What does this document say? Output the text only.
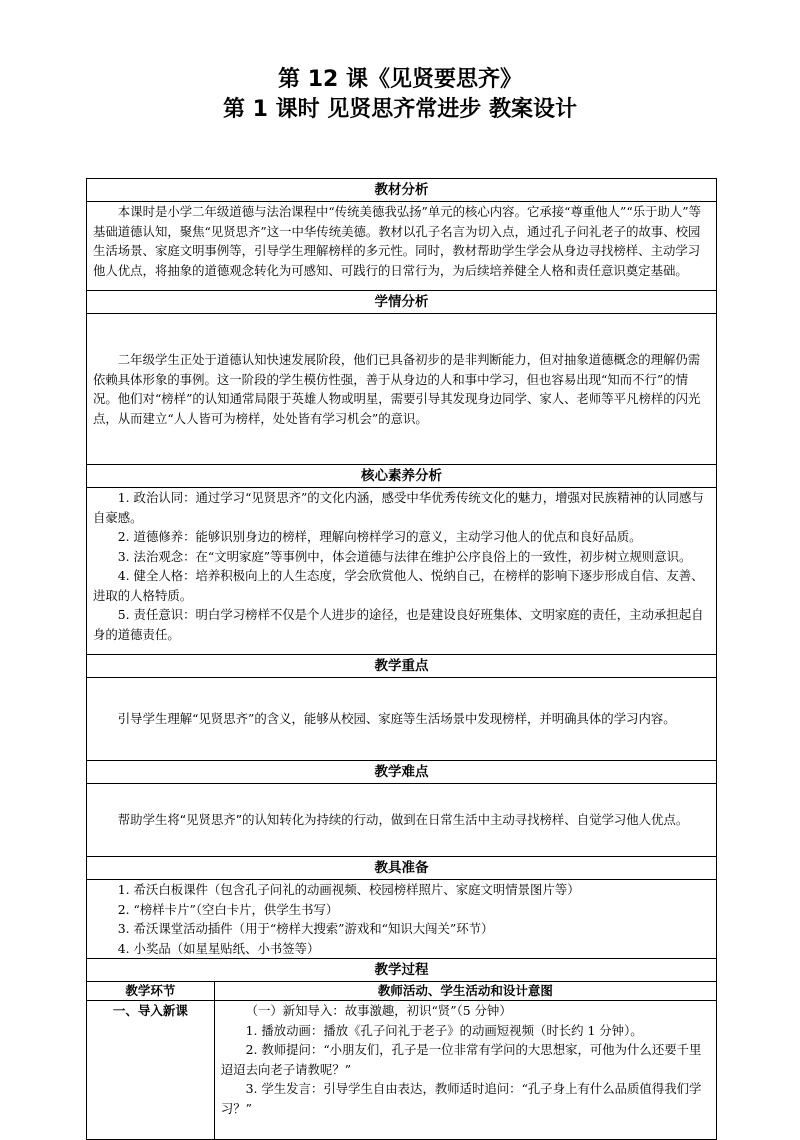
第 12 课《见贤要思齐》
第 1 课时 见贤思齐常进步 教案设计
教材分析	

本课时是小学二年级道德与法治课程中“传统美德我弘扬”单元的核心内容。它承接“尊重他人”“乐于助人”等基础道德认知，聚焦“见贤思齐”这一中华传统美德。教材以孔子名言为切入点，通过孔子问礼老子的故事、校园生活场景、家庭文明事例等，引导学生理解榜样的多元性。同时，教材帮助学生学会从身边寻找榜样、主动学习他人优点，将抽象的道德观念转化为可感知、可践行的日常行为，为后续培养健全人格和责任意识奠定基础。	

学情分析	

二年级学生正处于道德认知快速发展阶段，他们已具备初步的是非判断能力，但对抽象道德概念的理解仍需依赖具体形象的事例。这一阶段的学生模仿性强，善于从身边的人和事中学习，但也容易出现“知而不行”的情况。他们对“榜样”的认知通常局限于英雄人物或明星，需要引导其发现身边同学、家人、老师等平凡榜样的闪光点，从而建立“人人皆可为榜样，处处皆有学习机会”的意识。	

核心素养分析	

1. 政治认同：通过学习“见贤思齐”的文化内涵，感受中华优秀传统文化的魅力，增强对民族精神的认同感与自豪感。

2. 道德修养：能够识别身边的榜样，理解向榜样学习的意义，主动学习他人的优点和良好品质。

3. 法治观念：在“文明家庭”等事例中，体会道德与法律在维护公序良俗上的一致性，初步树立规则意识。

4. 健全人格：培养积极向上的人生态度，学会欣赏他人、悦纳自己，在榜样的影响下逐步形成自信、友善、进取的人格特质。

5. 责任意识：明白学习榜样不仅是个人进步的途径，也是建设良好班集体、文明家庭的责任，主动承担起自身的道德责任。	

教学重点	

引导学生理解“见贤思齐”的含义，能够从校园、家庭等生活场景中发现榜样，并明确具体的学习内容。	

教学难点	

帮助学生将“见贤思齐”的认知转化为持续的行动，做到在日常生活中主动寻找榜样、自觉学习他人优点。	

教具准备	

1. 希沃白板课件（包含孔子问礼的动画视频、校园榜样照片、家庭文明情景图片等）

2. “榜样卡片”（空白卡片，供学生书写）

3. 希沃课堂活动插件（用于“榜样大搜索”游戏和“知识大闯关”环节）

4. 小奖品（如星星贴纸、小书签等）	

教学过程	
教学环节	教师活动、学生活动和设计意图
一、导入新课	（一）新知导入：故事激趣，初识“贤”（5 分钟）

1. 播放动画：播放《孔子问礼于老子》的动画短视频（时长约 1 分钟）。

2. 教师提问：“小朋友们，孔子是一位非常有学问的大思想家，可他为什么还要千里迢迢去向老子请教呢？”

3. 学生发言：引导学生自由表达，教师适时追问：“孔子身上有什么品质值得我们学习？”
